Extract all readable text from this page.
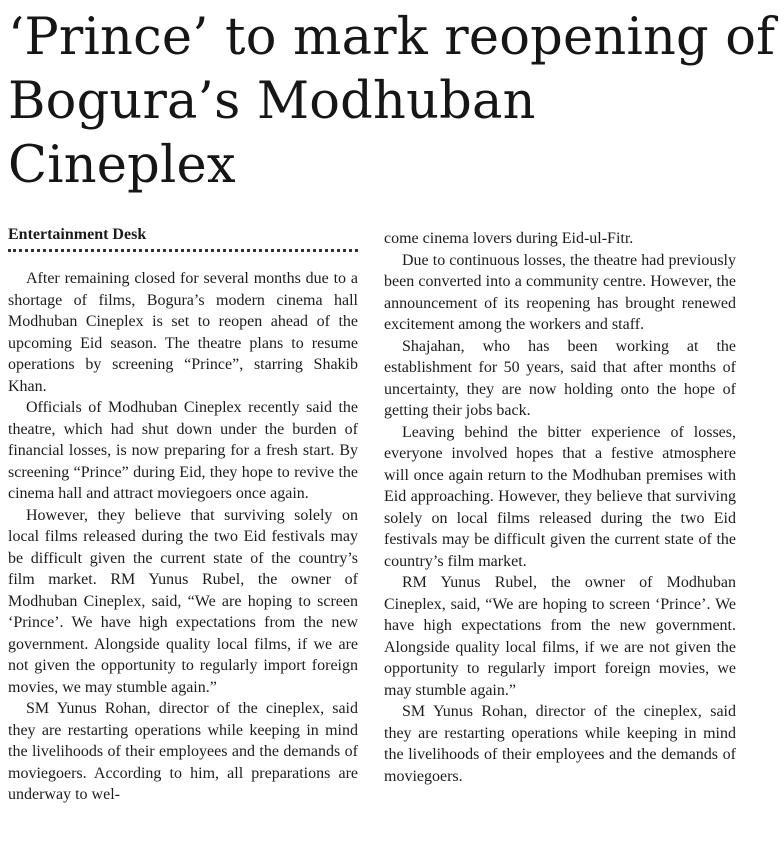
‘Prince’ to mark reopening of Bogura’s Modhuban Cineplex
Entertainment Desk

After remaining closed for several months due to a shortage of films, Bogura’s modern cinema hall Modhuban Cineplex is set to reopen ahead of the upcoming Eid season. The theatre plans to resume operations by screening “Prince”, starring Shakib Khan.

Officials of Modhuban Cineplex recently said the theatre, which had shut down under the burden of financial losses, is now preparing for a fresh start. By screening “Prince” during Eid, they hope to revive the cinema hall and attract moviegoers once again.

However, they believe that surviving solely on local films released during the two Eid festivals may be difficult given the current state of the country’s film market. RM Yunus Rubel, the owner of Modhuban Cineplex, said, “We are hoping to screen ‘Prince’. We have high expectations from the new government. Alongside quality local films, if we are not given the opportunity to regularly import foreign movies, we may stumble again.”

SM Yunus Rohan, director of the cineplex, said they are restarting operations while keeping in mind the livelihoods of their employees and the demands of moviegoers. According to him, all preparations are underway to wel-

come cinema lovers during Eid-ul-Fitr.

Due to continuous losses, the theatre had previously been converted into a community centre. However, the announcement of its reopening has brought renewed excitement among the workers and staff.

Shajahan, who has been working at the establishment for 50 years, said that after months of uncertainty, they are now holding onto the hope of getting their jobs back.

Leaving behind the bitter experience of losses, everyone involved hopes that a festive atmosphere will once again return to the Modhuban premises with Eid approaching. However, they believe that surviving solely on local films released during the two Eid festivals may be difficult given the current state of the country’s film market.

RM Yunus Rubel, the owner of Modhuban Cineplex, said, “We are hoping to screen ‘Prince’. We have high expectations from the new government. Alongside quality local films, if we are not given the opportunity to regularly import foreign movies, we may stumble again.”

SM Yunus Rohan, director of the cineplex, said they are restarting operations while keeping in mind the livelihoods of their employees and the demands of moviegoers.
